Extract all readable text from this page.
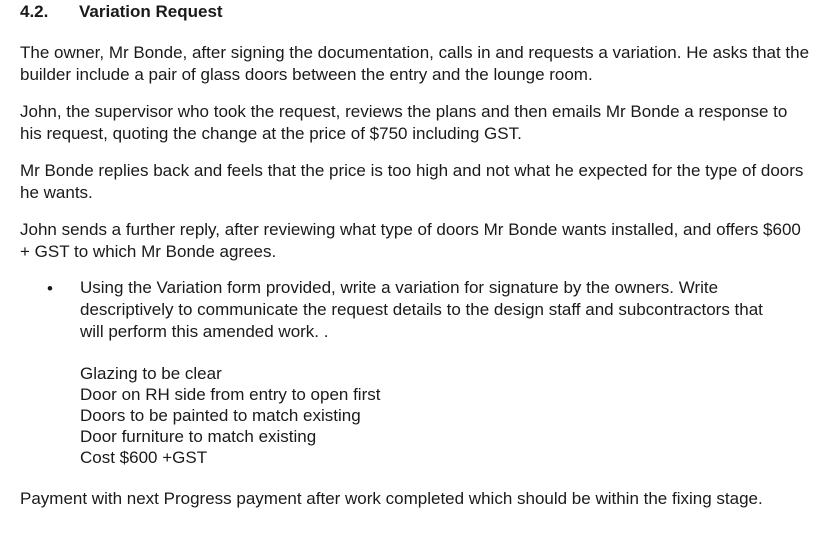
4.2. Variation Request

The owner, Mr Bonde, after signing the documentation, calls in and requests a variation. He asks that the builder include a pair of glass doors between the entry and the lounge room.

John, the supervisor who took the request, reviews the plans and then emails Mr Bonde a response to his request, quoting the change at the price of $750 including GST.

Mr Bonde replies back and feels that the price is too high and not what he expected for the type of doors he wants.

John sends a further reply, after reviewing what type of doors Mr Bonde wants installed, and offers $600 + GST to which Mr Bonde agrees.

• Using the Variation form provided, write a variation for signature by the owners. Write descriptively to communicate the request details to the design staff and subcontractors that will perform this amended work. .
Glazing to be clear
Door on RH side from entry to open first
Doors to be painted to match existing
Door furniture to match existing
Cost $600 +GST

Payment with next Progress payment after work completed which should be within the fixing stage.
